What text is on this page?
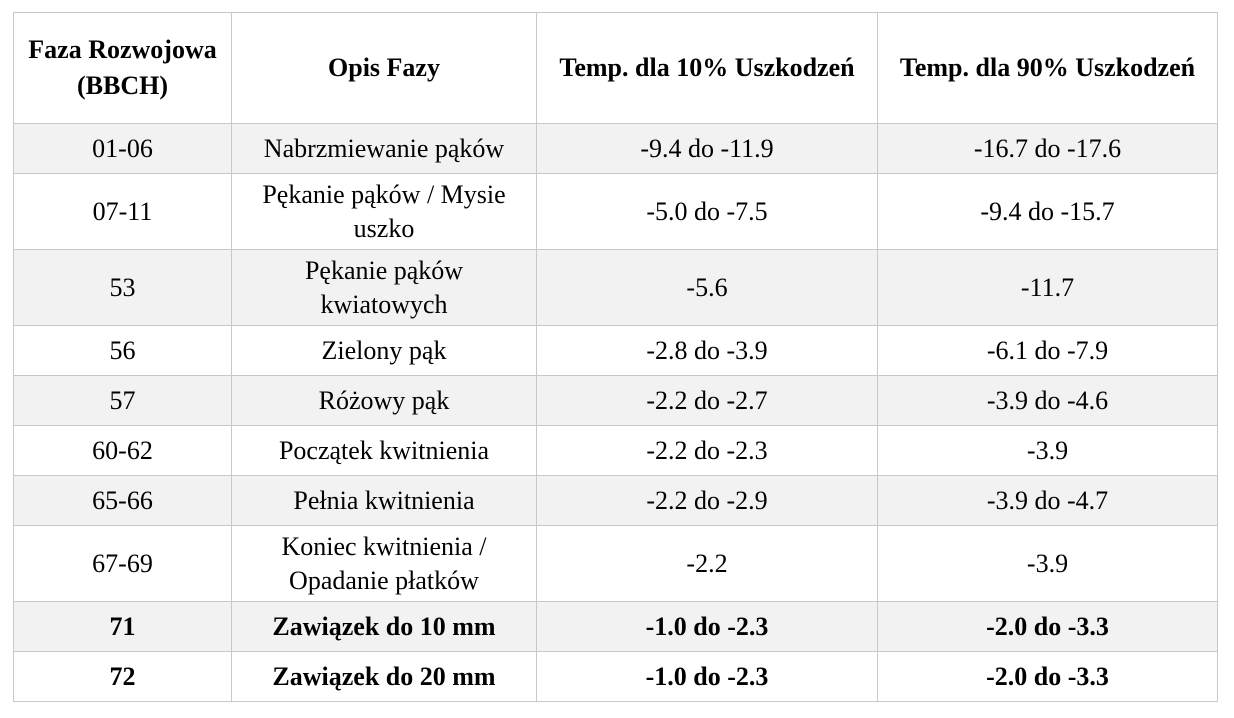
Faza Rozwojowa (BBCH)	Opis Fazy	Temp. dla 10% Uszkodzeń	Temp. dla 90% Uszkodzeń
01-06	Nabrzmiewanie pąków	-9.4 do -11.9	-16.7 do -17.6
07-11	Pękanie pąków / Mysie uszko	-5.0 do -7.5	-9.4 do -15.7
53	Pękanie pąków kwiatowych	-5.6	-11.7
56	Zielony pąk	-2.8 do -3.9	-6.1 do -7.9
57	Różowy pąk	-2.2 do -2.7	-3.9 do -4.6
60-62	Początek kwitnienia	-2.2 do -2.3	-3.9
65-66	Pełnia kwitnienia	-2.2 do -2.9	-3.9 do -4.7
67-69	Koniec kwitnienia / Opadanie płatków	-2.2	-3.9
71	Zawiązek do 10 mm	-1.0 do -2.3	-2.0 do -3.3
72	Zawiązek do 20 mm	-1.0 do -2.3	-2.0 do -3.3
